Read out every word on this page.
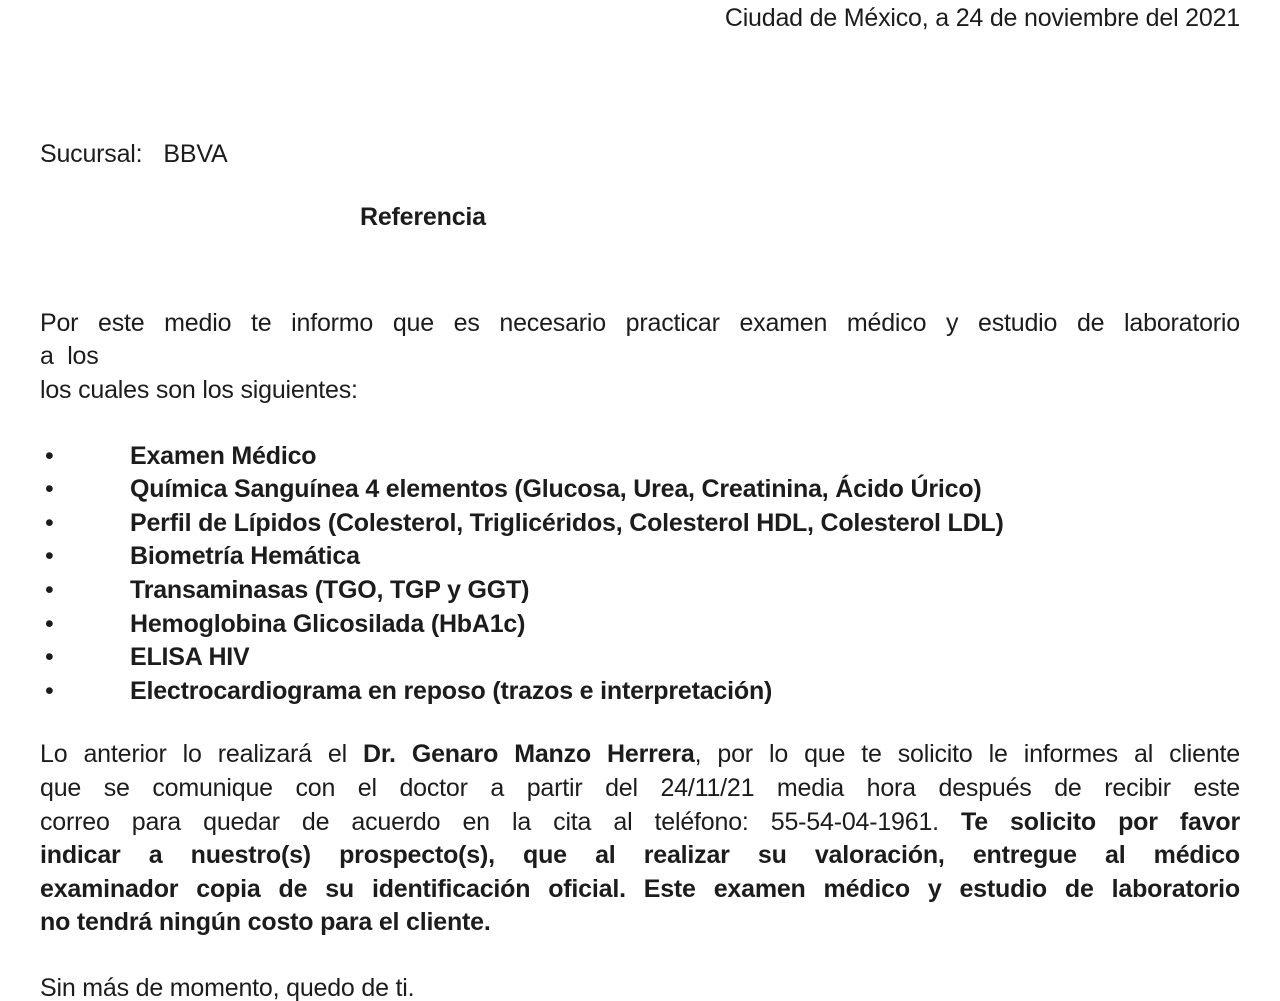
Ciudad de México, a 24 de noviembre del 2021
Sucursal: BBVA
Referencia
Por este medio te informo que es necesario practicar examen médico y estudio de laboratorio
a  los
los cuales son los siguientes:
•	Examen Médico
•	Química Sanguínea 4 elementos (Glucosa, Urea, Creatinina, Ácido Úrico)
•	Perfil de Lípidos (Colesterol, Triglicéridos, Colesterol HDL, Colesterol LDL)
•	Biometría Hemática
•	Transaminasas (TGO, TGP y GGT)
•	Hemoglobina Glicosilada (HbA1c)
•	ELISA HIV
•	Electrocardiograma en reposo (trazos e interpretación)
Lo anterior lo realizará el Dr. Genaro Manzo Herrera, por lo que te solicito le informes al cliente
que se comunique con el doctor a partir del 24/11/21 media hora después de recibir este
correo para quedar de acuerdo en la cita al teléfono: 55-54-04-1961. Te solicito por favor
indicar a nuestro(s) prospecto(s), que al realizar su valoración, entregue al médico
examinador copia de su identificación oficial. Este examen médico y estudio de laboratorio
no tendrá ningún costo para el cliente.
Sin más de momento, quedo de ti.
